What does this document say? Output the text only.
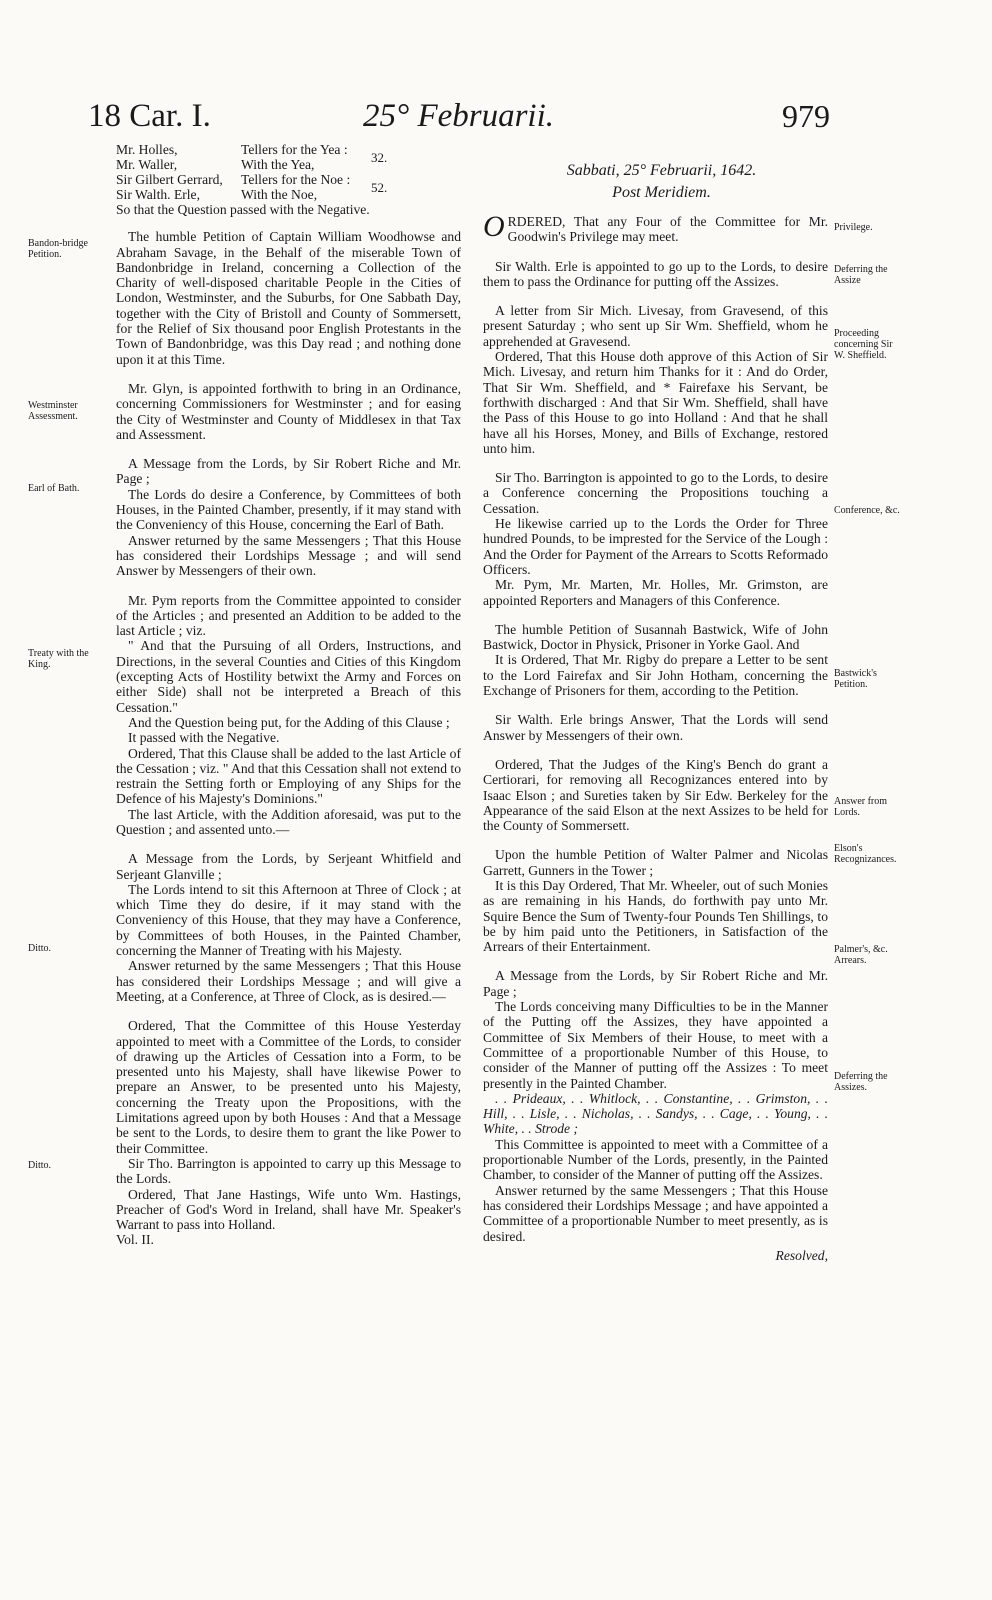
18 Car. I.	25° Februarii.	979
Bandon-bridge Petition.
Westminster Assessment.
Earl of Bath.
Treaty with the King.
Ditto.
Ditto.
Privilege.
Deferring the Assize
Proceeding concerning Sir W. Sheffield.
Conference, &c.
Bastwick's Petition.
Answer from Lords.
Elson's Recognizances.
Palmer's, &c. Arrears.
Deferring the Assizes.
Mr. Holles,	Tellers for the Yea :	32.
Mr. Waller,	With the Yea,
Sir Gilbert Gerrard,	Tellers for the Noe :	52.
Sir Walth. Erle,	With the Noe,

So that the Question passed with the Negative.

The humble Petition of Captain William Woodhowse and Abraham Savage, in the Behalf of the miserable Town of Bandonbridge in Ireland, concerning a Collection of the Charity of well-disposed charitable People in the Cities of London, Westminster, and the Suburbs, for One Sabbath Day, together with the City of Bristoll and County of Sommersett, for the Relief of Six thousand poor English Protestants in the Town of Bandonbridge, was this Day read ; and nothing done upon it at this Time.

Mr. Glyn, is appointed forthwith to bring in an Ordinance, concerning Commissioners for Westminster ; and for easing the City of Westminster and County of Middlesex in that Tax and Assessment.

A Message from the Lords, by Sir Robert Riche and Mr. Page ;

The Lords do desire a Conference, by Committees of both Houses, in the Painted Chamber, presently, if it may stand with the Conveniency of this House, concerning the Earl of Bath.

Answer returned by the same Messengers ; That this House has considered their Lordships Message ; and will send Answer by Messengers of their own.

Mr. Pym reports from the Committee appointed to consider of the Articles ; and presented an Addition to be added to the last Article ; viz.

" And that the Pursuing of all Orders, Instructions, and Directions, in the several Counties and Cities of this Kingdom (excepting Acts of Hostility betwixt the Army and Forces on either Side) shall not be interpreted a Breach of this Cessation."

And the Question being put, for the Adding of this Clause ;

It passed with the Negative.

Ordered, That this Clause shall be added to the last Article of the Cessation ; viz. " And that this Cessation shall not extend to restrain the Setting forth or Employing of any Ships for the Defence of his Majesty's Dominions."

The last Article, with the Addition aforesaid, was put to the Question ; and assented unto.—

A Message from the Lords, by Serjeant Whitfield and Serjeant Glanville ;

The Lords intend to sit this Afternoon at Three of Clock ; at which Time they do desire, if it may stand with the Conveniency of this House, that they may have a Conference, by Committees of both Houses, in the Painted Chamber, concerning the Manner of Treating with his Majesty.

Answer returned by the same Messengers ; That this House has considered their Lordships Message ; and will give a Meeting, at a Conference, at Three of Clock, as is desired.—

Ordered, That the Committee of this House Yesterday appointed to meet with a Committee of the Lords, to consider of drawing up the Articles of Cessation into a Form, to be presented unto his Majesty, shall have likewise Power to prepare an Answer, to be presented unto his Majesty, concerning the Treaty upon the Propositions, with the Limitations agreed upon by both Houses : And that a Message be sent to the Lords, to desire them to grant the like Power to their Committee.

Sir Tho. Barrington is appointed to carry up this Message to the Lords.

Ordered, That Jane Hastings, Wife unto Wm. Hastings, Preacher of God's Word in Ireland, shall have Mr. Speaker's Warrant to pass into Holland.

Vol. II.

Sabbati, 25° Februarii, 1642.

Post Meridiem.

ORDERED, That any Four of the Committee for Mr. Goodwin's Privilege may meet.

Sir Walth. Erle is appointed to go up to the Lords, to desire them to pass the Ordinance for putting off the Assizes.

A letter from Sir Mich. Livesay, from Gravesend, of this present Saturday ; who sent up Sir Wm. Sheffield, whom he apprehended at Gravesend.

Ordered, That this House doth approve of this Action of Sir Mich. Livesay, and return him Thanks for it : And do Order, That Sir Wm. Sheffield, and * Fairefaxe his Servant, be forthwith discharged : And that Sir Wm. Sheffield, shall have the Pass of this House to go into Holland : And that he shall have all his Horses, Money, and Bills of Exchange, restored unto him.

Sir Tho. Barrington is appointed to go to the Lords, to desire a Conference concerning the Propositions touching a Cessation.

He likewise carried up to the Lords the Order for Three hundred Pounds, to be imprested for the Service of the Lough : And the Order for Payment of the Arrears to Scotts Reformado Officers.

Mr. Pym, Mr. Marten, Mr. Holles, Mr. Grimston, are appointed Reporters and Managers of this Conference.

The humble Petition of Susannah Bastwick, Wife of John Bastwick, Doctor in Physick, Prisoner in Yorke Gaol. And

It is Ordered, That Mr. Rigby do prepare a Letter to be sent to the Lord Fairefax and Sir John Hotham, concerning the Exchange of Prisoners for them, according to the Petition.

Sir Walth. Erle brings Answer, That the Lords will send Answer by Messengers of their own.

Ordered, That the Judges of the King's Bench do grant a Certiorari, for removing all Recognizances entered into by Isaac Elson ; and Sureties taken by Sir Edw. Berkeley for the Appearance of the said Elson at the next Assizes to be held for the County of Sommersett.

Upon the humble Petition of Walter Palmer and Nicolas Garrett, Gunners in the Tower ;

It is this Day Ordered, That Mr. Wheeler, out of such Monies as are remaining in his Hands, do forthwith pay unto Mr. Squire Bence the Sum of Twenty-four Pounds Ten Shillings, to be by him paid unto the Petitioners, in Satisfaction of the Arrears of their Entertainment.

A Message from the Lords, by Sir Robert Riche and Mr. Page ;

The Lords conceiving many Difficulties to be in the Manner of the Putting off the Assizes, they have appointed a Committee of Six Members of their House, to meet with a Committee of a proportionable Number of this House, to consider of the Manner of putting off the Assizes : To meet presently in the Painted Chamber.

. . Prideaux, . . Whitlock, . . Constantine, . . Grimston, . . Hill, . . Lisle, . . Nicholas, . . Sandys, . . Cage, . . Young, . . White, . . Strode ;

This Committee is appointed to meet with a Committee of a proportionable Number of the Lords, presently, in the Painted Chamber, to consider of the Manner of putting off the Assizes.

Answer returned by the same Messengers ; That this House has considered their Lordships Message ; and have appointed a Committee of a proportionable Number to meet presently, as is desired.

Resolved,
